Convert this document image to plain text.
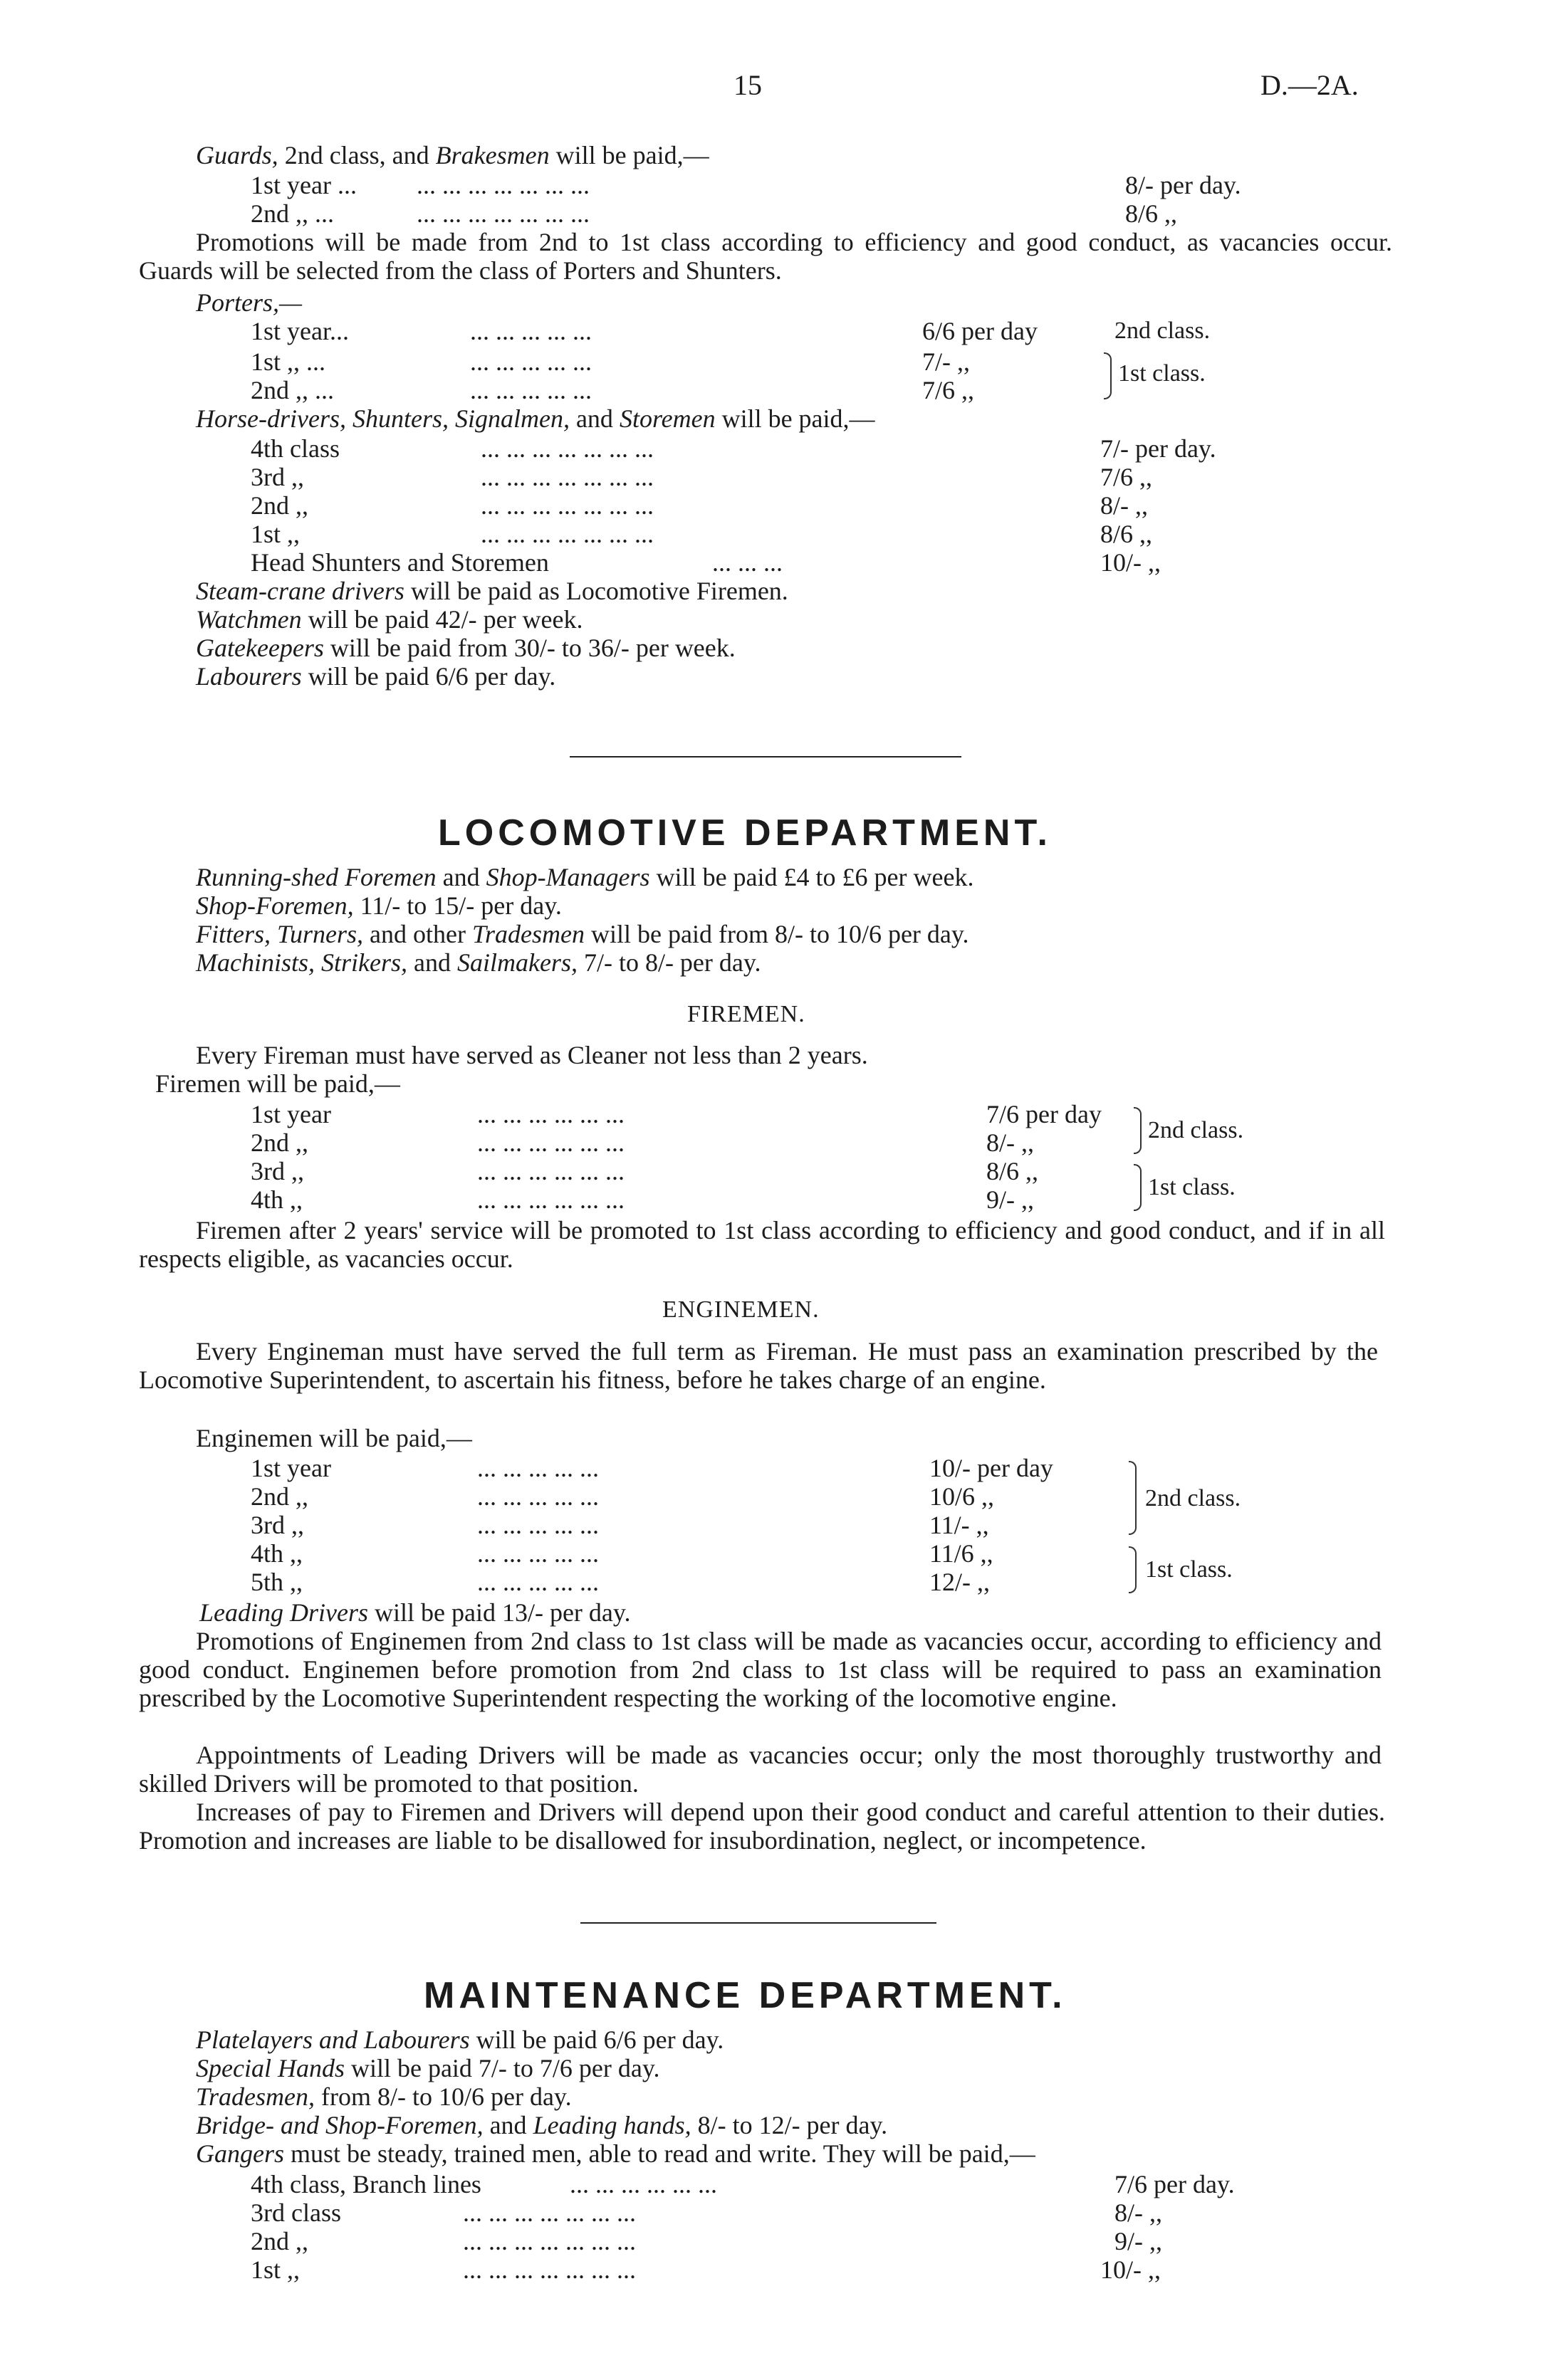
15	D.—2A.
Guards, 2nd class, and Brakesmen will be paid,—
1st year ... ... ... ... ... ... ... ...	8/- per day.
2nd ,, ...	... ... ... ... ... ... ...	8/6 ,,
Promotions will be made from 2nd to 1st class according to efficiency and good conduct, as vacancies occur. Guards will be selected from the class of Porters and Shunters.
Porters,—
1st year...	... ... ... ... ...	6/6 per day	2nd class.
1st ,, ...	... ... ... ... ...	7/- ,,
2nd ,, ...	... ... ... ... ...	7/6 ,,
1st class.
Horse-drivers, Shunters, Signalmen, and Storemen will be paid,—
4th class	... ... ... ... ... ... ...	7/- per day.
3rd ,,	... ... ... ... ... ... ...	7/6 ,,
2nd ,,	... ... ... ... ... ... ...	8/- ,,
1st ,,	... ... ... ... ... ... ...	8/6 ,,
Head Shunters and Storemen	... ... ...	10/- ,,
Steam-crane drivers will be paid as Locomotive Firemen.
Watchmen will be paid 42/- per week.
Gatekeepers will be paid from 30/- to 36/- per week.
Labourers will be paid 6/6 per day.
LOCOMOTIVE DEPARTMENT.
Running-shed Foremen and Shop-Managers will be paid £4 to £6 per week.
Shop-Foremen, 11/- to 15/- per day.
Fitters, Turners, and other Tradesmen will be paid from 8/- to 10/6 per day.
Machinists, Strikers, and Sailmakers, 7/- to 8/- per day.
FIREMEN.
Every Fireman must have served as Cleaner not less than 2 years.
Firemen will be paid,—
1st year	... ... ... ... ... ...	7/6 per day
2nd ,,	... ... ... ... ... ...	8/- ,,	2nd class.
3rd ,,	... ... ... ... ... ...	8/6 ,,
4th ,,	... ... ... ... ... ...	9/- ,,	1st class.
Firemen after 2 years' service will be promoted to 1st class according to efficiency and good conduct, and if in all respects eligible, as vacancies occur.
ENGINEMEN.
Every Engineman must have served the full term as Fireman. He must pass an examination prescribed by the Locomotive Superintendent, to ascertain his fitness, before he takes charge of an engine.
Enginemen will be paid,—
1st year	... ... ... ... ...	10/- per day
2nd ,,	... ... ... ... ...	10/6 ,,
3rd ,,	... ... ... ... ...	11/- ,,
2nd class.
4th ,,	... ... ... ... ...	11/6 ,,
5th ,,	... ... ... ... ...	12/- ,,	1st class.
Leading Drivers will be paid 13/- per day.
Promotions of Enginemen from 2nd class to 1st class will be made as vacancies occur, according to efficiency and good conduct. Enginemen before promotion from 2nd class to 1st class will be required to pass an examination prescribed by the Locomotive Superintendent respecting the working of the locomotive engine.
Appointments of Leading Drivers will be made as vacancies occur; only the most thoroughly trustworthy and skilled Drivers will be promoted to that position.
Increases of pay to Firemen and Drivers will depend upon their good conduct and careful attention to their duties. Promotion and increases are liable to be disallowed for insubordination, neglect, or incompetence.
MAINTENANCE DEPARTMENT.
Platelayers and Labourers will be paid 6/6 per day.
Special Hands will be paid 7/- to 7/6 per day.
Tradesmen, from 8/- to 10/6 per day.
Bridge- and Shop-Foremen, and Leading hands, 8/- to 12/- per day.
Gangers must be steady, trained men, able to read and write. They will be paid,—
4th class, Branch lines	... ... ... ... ... ...	7/6 per day.
3rd class	... ... ... ... ... ... ...	8/- ,,
2nd ,,	... ... ... ... ... ... ...	9/- ,,
1st ,,	... ... ... ... ... ... ...	10/- ,,
